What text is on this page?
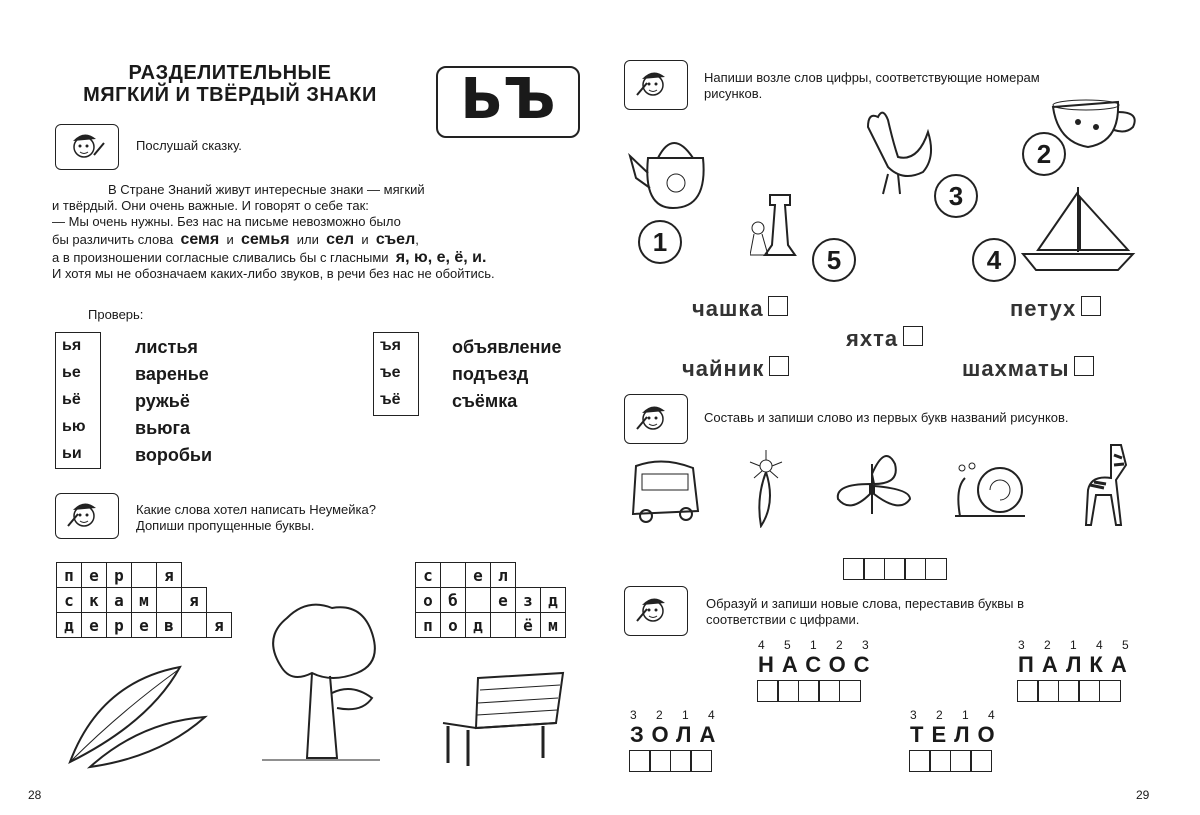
РАЗДЕЛИТЕЛЬНЫЕ
МЯГКИЙ И ТВЁРДЫЙ ЗНАКИ	ЬЪ
Послушай сказку.
В Стране Знаний живут интересные знаки — мягкий
и твёрдый. Они очень важные. И говорят о себе так:
— Мы очень нужны. Без нас на письме невозможно было
бы различить слова семя и семья или сел и съел,
а в произношении согласные сливались бы с гласными я, ю, е, ё, и.
И хотя мы не обозначаем каких-либо звуков, в речи без нас не обойтись.
Проверь:
ья
ье
ьё
ью
ьи
листья
варенье
ружьё
вьюга
воробьи
ъя
ъе
ъё
объявление
подъезд
съёмка
Какие слова хотел написать Неумейка?
Допиши пропущенные буквы.
п	е	р		я		
с	к	а	м		я	
д	е	р	е	в		я
с		е	л		
о	б		е	з	д
п	о	д		ё	м
28
Напиши возле слов цифры, соответствующие номерам
рисунков.
1
2
3
4
5
чашка	петух
яхта
чайник	шахматы
Составь и запиши слово из первых букв названий рисунков.
Образуй и запиши новые слова, переставив буквы в
соответствии с цифрами.
4 5 1 2 3
НАСОС
3 2 1 4 5
ПАЛКА
3 2 1 4
ЗОЛА
3 2 1 4
ТЕЛО
29
